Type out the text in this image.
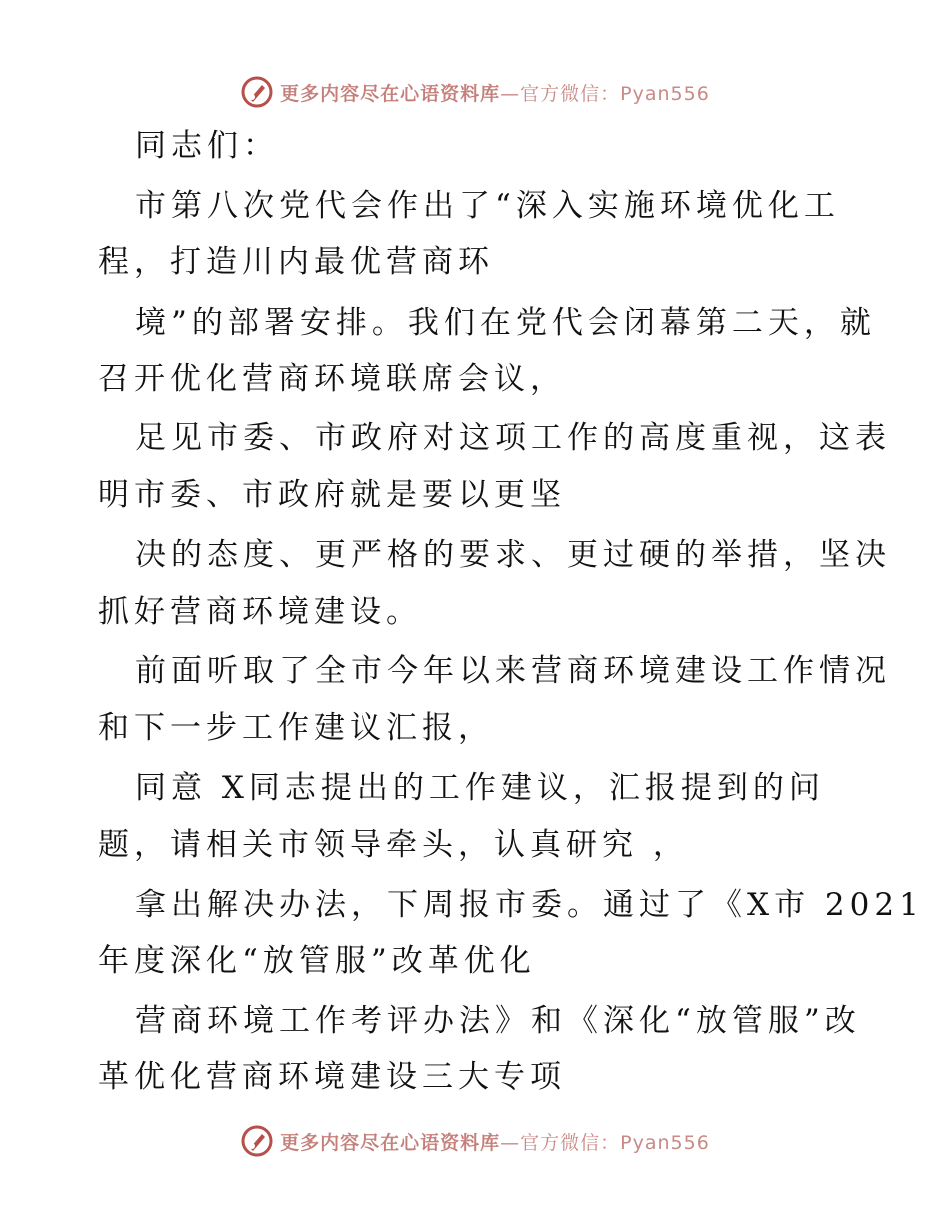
更多内容尽在心语资料库—官方微信：Pyan556
同志们：
市第八次党代会作出了“深入实施环境优化工
程，打造川内最优营商环
境”的部署安排。我们在党代会闭幕第二天，就
召开优化营商环境联席会议，
足见市委、市政府对这项工作的高度重视，这表
明市委、市政府就是要以更坚
决的态度、更严格的要求、更过硬的举措，坚决
抓好营商环境建设。
前面听取了全市今年以来营商环境建设工作情况
和下一步工作建议汇报，
同意 X同志提出的工作建议，汇报提到的问
题，请相关市领导牵头，认真研究 ，
拿出解决办法，下周报市委。通过了《X市 2021
年度深化“放管服”改革优化
营商环境工作考评办法》和《深化“放管服”改
革优化营商环境建设三大专项
更多内容尽在心语资料库—官方微信：Pyan556
